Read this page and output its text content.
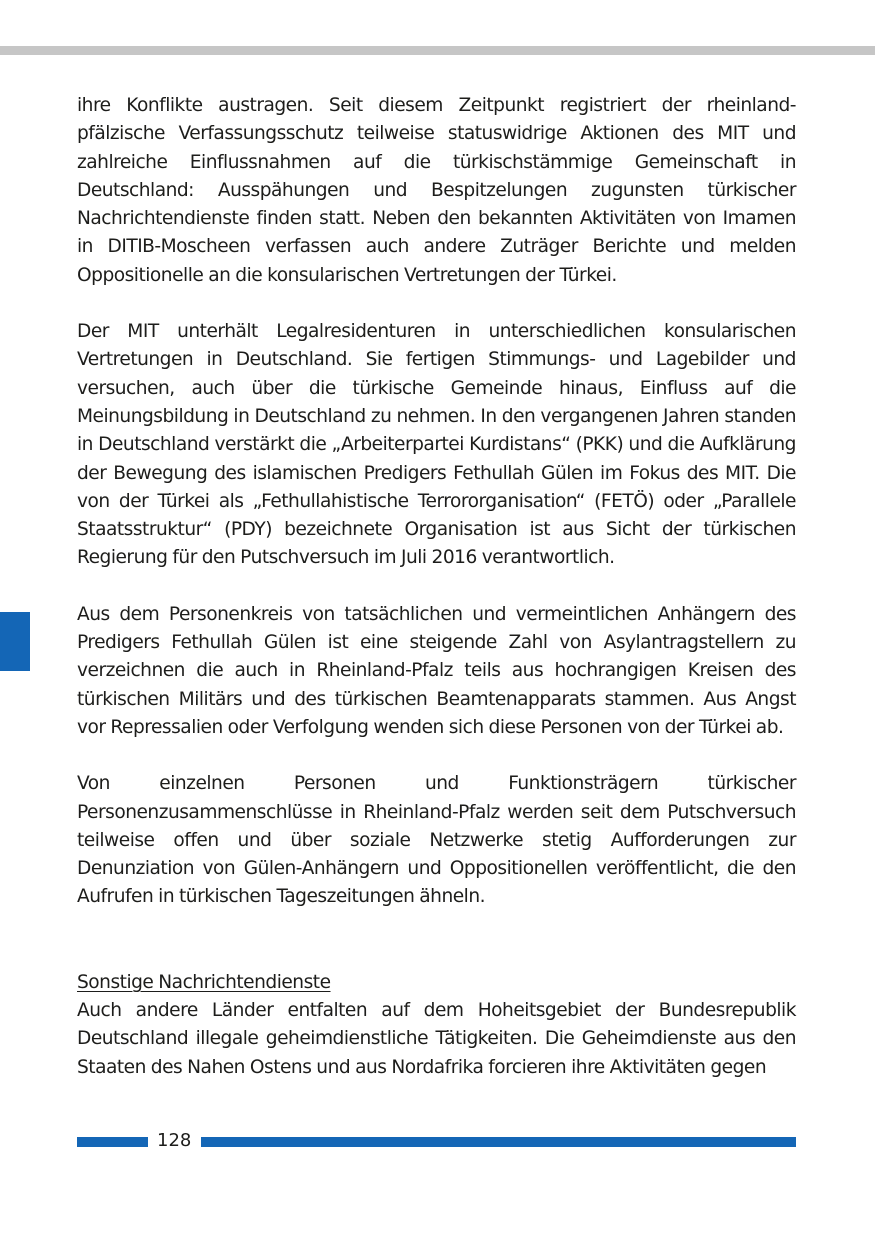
ihre Konflikte austragen. Seit diesem Zeitpunkt registriert der rheinland-pfälzische Verfassungsschutz teilweise statuswidrige Aktionen des MIT und zahlreiche Einflussnahmen auf die türkischstämmige Gemeinschaft in Deutschland: Ausspähungen und Bespitzelungen zugunsten türkischer Nachrichtendienste finden statt. Neben den bekannten Aktivitäten von Imamen in DITIB-Moscheen verfassen auch andere Zuträger Berichte und melden Oppositionelle an die konsularischen Vertretungen der Türkei.

Der MIT unterhält Legalresidenturen in unterschiedlichen konsularischen Vertretungen in Deutschland. Sie fertigen Stimmungs- und Lagebilder und versuchen, auch über die türkische Gemeinde hinaus, Einfluss auf die Meinungsbildung in Deutschland zu nehmen. In den vergangenen Jahren standen in Deutschland verstärkt die „Arbeiterpartei Kurdistans“ (PKK) und die Aufklärung der Bewegung des islamischen Predigers Fethullah Gülen im Fokus des MIT. Die von der Türkei als „Fethullahistische Terrororganisation“ (FETÖ) oder „Parallele Staatsstruktur“ (PDY) bezeichnete Organisation ist aus Sicht der türkischen Regierung für den Putschversuch im Juli 2016 verantwortlich.

Aus dem Personenkreis von tatsächlichen und vermeintlichen Anhängern des Predigers Fethullah Gülen ist eine steigende Zahl von Asylantragstellern zu verzeichnen die auch in Rheinland-Pfalz teils aus hochrangigen Kreisen des türkischen Militärs und des türkischen Beamtenapparats stammen. Aus Angst vor Repressalien oder Verfolgung wenden sich diese Personen von der Türkei ab.

Von einzelnen Personen und Funktionsträgern türkischer Personenzusammenschlüsse in Rheinland-Pfalz werden seit dem Putschversuch teilweise offen und über soziale Netzwerke stetig Aufforderungen zur Denunziation von Gülen-Anhängern und Oppositionellen veröffentlicht, die den Aufrufen in türkischen Tageszeitungen ähneln.

Sonstige Nachrichtendienste

Auch andere Länder entfalten auf dem Hoheitsgebiet der Bundesrepublik Deutschland illegale geheimdienstliche Tätigkeiten. Die Geheimdienste aus den Staaten des Nahen Ostens und aus Nordafrika forcieren ihre Aktivitäten gegen

128
